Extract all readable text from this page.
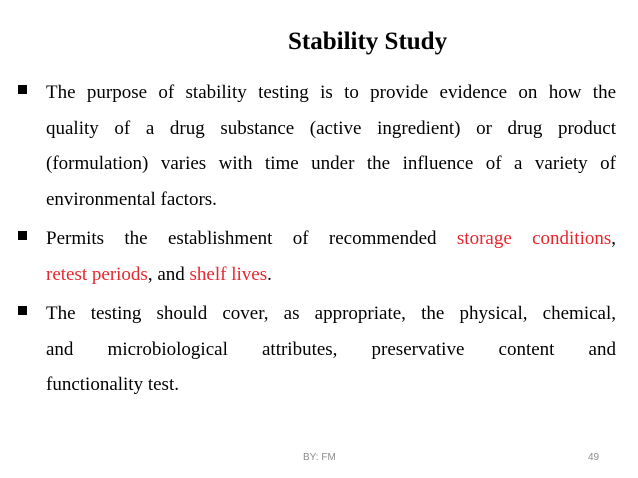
Stability Study
The purpose of stability testing is to provide evidence on how the
quality of a drug substance (active ingredient) or drug product
(formulation) varies with time under the influence of a variety of
environmental factors.
Permits the establishment of recommended storage conditions,
retest periods, and shelf lives.
The testing should cover, as appropriate, the physical, chemical,
and microbiological attributes, preservative content and
functionality test.
BY: FM	49
